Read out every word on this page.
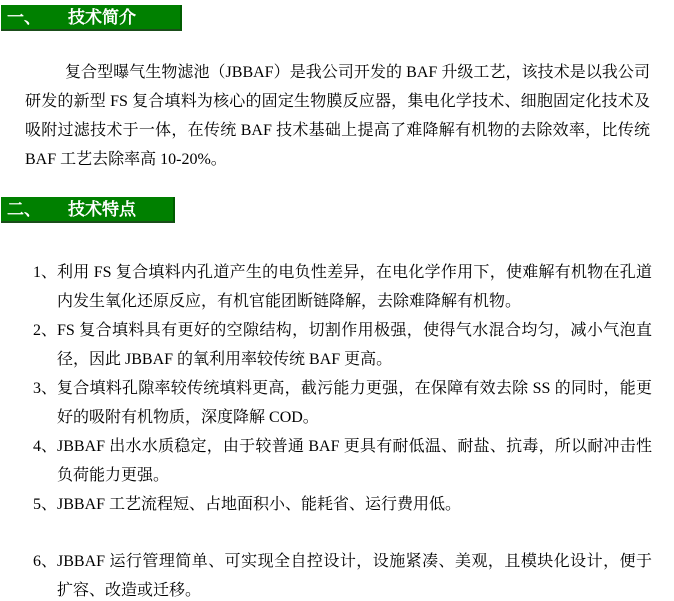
一、 技术简介

复合型曝气生物滤池（JBBAF）是我公司开发的 BAF 升级工艺，该技术是以我公司研发的新型 FS 复合填料为核心的固定生物膜反应器，集电化学技术、细胞固定化技术及吸附过滤技术于一体，在传统 BAF 技术基础上提高了难降解有机物的去除效率，比传统 BAF 工艺去除率高 10-20%。

二、 技术特点
1、 利用 FS 复合填料内孔道产生的电负性差异，在电化学作用下，使难解有机物在孔道内发生氧化还原反应，有机官能团断链降解，去除难降解有机物。
2、 FS 复合填料具有更好的空隙结构，切割作用极强，使得气水混合均匀，减小气泡直径，因此 JBBAF 的氧利用率较传统 BAF 更高。
3、 复合填料孔隙率较传统填料更高，截污能力更强，在保障有效去除 SS 的同时，能更好的吸附有机物质，深度降解 COD。
4、 JBBAF 出水水质稳定，由于较普通 BAF 更具有耐低温、耐盐、抗毒，所以耐冲击性负荷能力更强。
5、 JBBAF 工艺流程短、占地面积小、能耗省、运行费用低。
6、 JBBAF 运行管理简单、可实现全自控设计，设施紧凑、美观，且模块化设计，便于扩容、改造或迁移。
